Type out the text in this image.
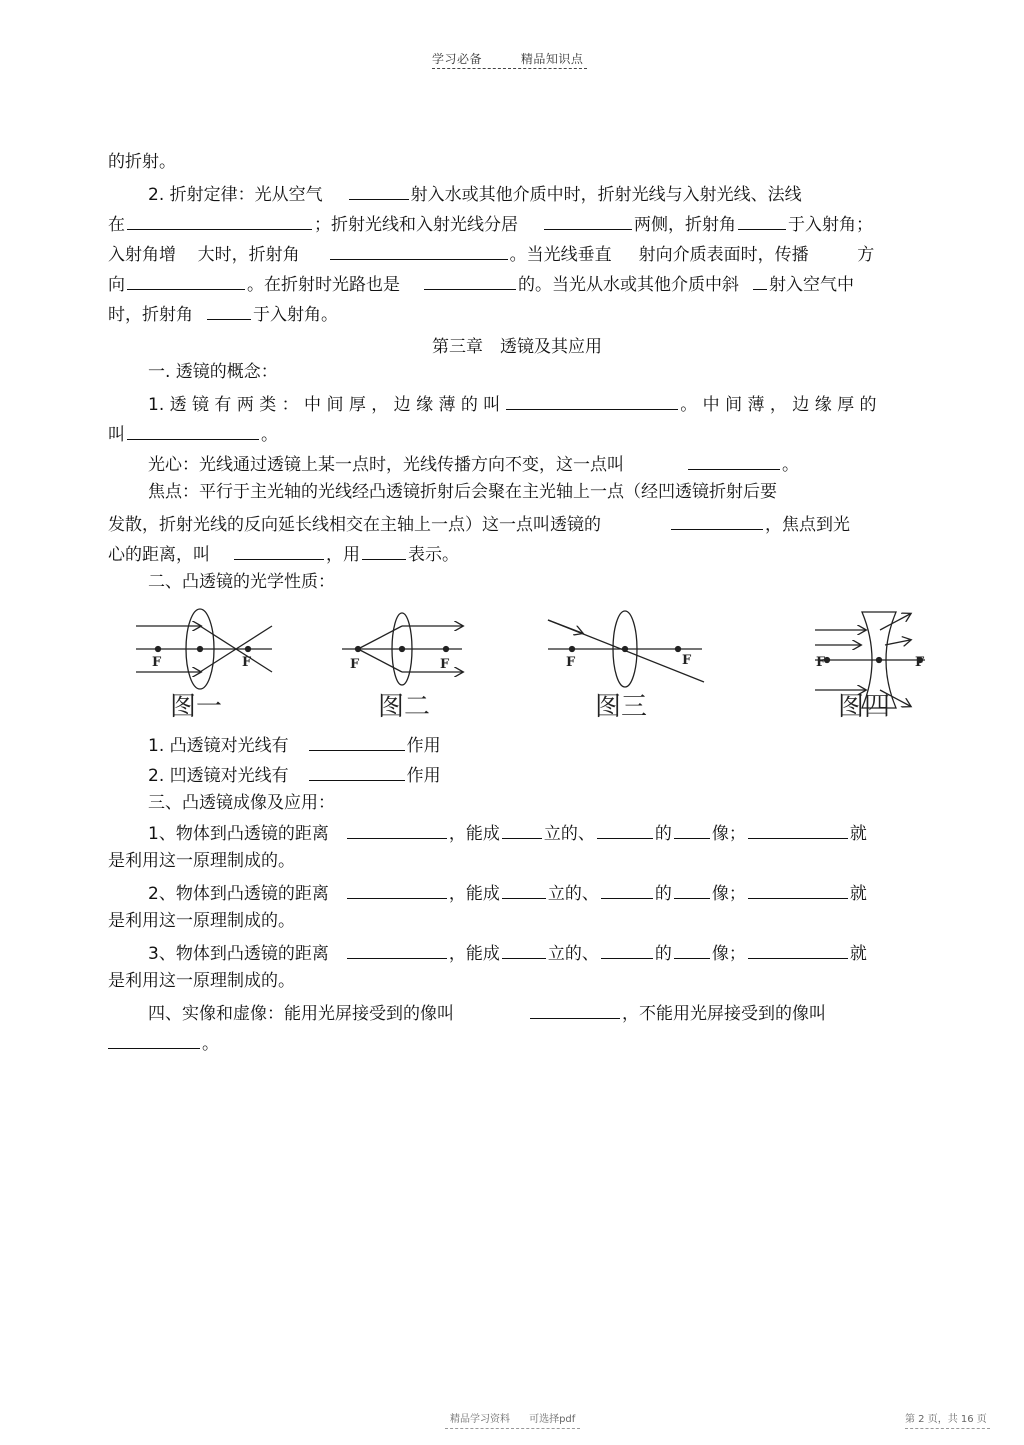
学习必备	精品知识点
的折射。
2. 折射定律：光从空气	射入水或其他介质中时，折射光线与入射光线、法线
在	；折射光线和入射光线分居	两侧，折射角	于入射角；
入射角增 大时，折射角	。当光线垂直 射向介质表面时，传播	方
向	。在折射时光路也是	的。当光从水或其他介质中斜 射入空气中
时，折射角	于入射角。
第三章　透镜及其应用
一. 透镜的概念：
1. 透 镜 有 两 类 ： 中 间 厚 ， 边 缘 薄 的 叫	。 中 间 薄 ， 边 缘 厚 的
叫	。
光心：光线通过透镜上某一点时，光线传播方向不变，这一点叫	。
焦点：平行于主光轴的光线经凸透镜折射后会聚在主光轴上一点（经凹透镜折射后要
发散，折射光线的反向延长线相交在主轴上一点）这一点叫透镜的	，焦点到光
心的距离，叫	，用	表示。
二、凸透镜的光学性质：
F	F	F	F	F	F	F	F
图一	图二	图三	图四
1. 凸透镜对光线有	作用
2. 凹透镜对光线有	作用
三、凸透镜成像及应用：
1、物体到凸透镜的距离	，能成	立的、	的 像；	就
是利用这一原理制成的。
2、物体到凸透镜的距离	，能成	立的、	的 像；	就
是利用这一原理制成的。
3、物体到凸透镜的距离	，能成	立的、	的 像；	就
是利用这一原理制成的。
四、实像和虚像：能用光屏接受到的像叫	，不能用光屏接受到的像叫
。
精品学习资料 可选择pdf	第 2 页，共 16 页
